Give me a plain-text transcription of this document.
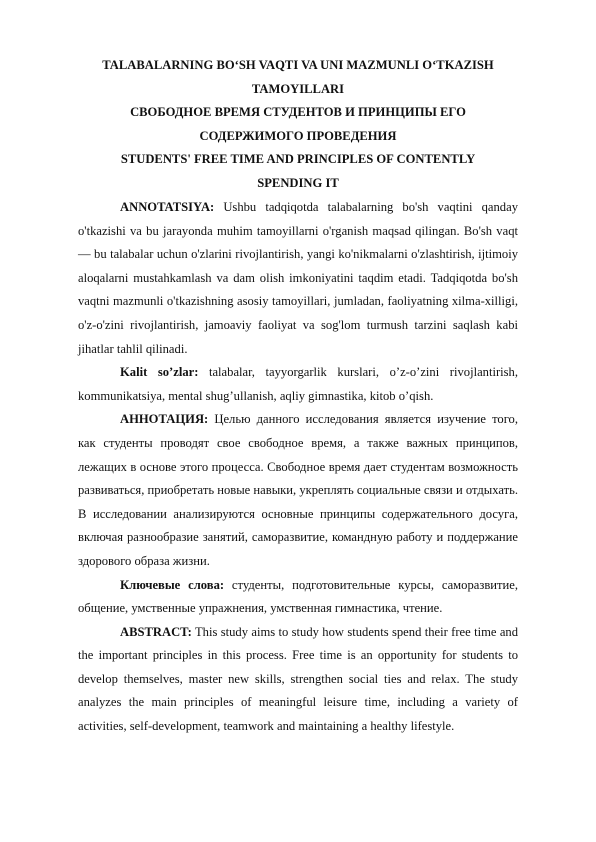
TALABALARNING BO‘SH VAQTI VA UNI MAZMUNLI O‘TKAZISH
TAMOYILLARI
СВОБОДНОЕ ВРЕМЯ СТУДЕНТОВ И ПРИНЦИПЫ ЕГО
СОДЕРЖИМОГО ПРОВЕДЕНИЯ
STUDENTS' FREE TIME AND PRINCIPLES OF CONTENTLY
SPENDING IT

ANNOTATSIYA: Ushbu tadqiqotda talabalarning bo'sh vaqtini qanday o'tkazishi va bu jarayonda muhim tamoyillarni o'rganish maqsad qilingan. Bo'sh vaqt — bu talabalar uchun o'zlarini rivojlantirish, yangi ko'nikmalarni o'zlashtirish, ijtimoiy aloqalarni mustahkamlash va dam olish imkoniyatini taqdim etadi. Tadqiqotda bo'sh vaqtni mazmunli o'tkazishning asosiy tamoyillari, jumladan, faoliyatning xilma-xilligi, o'z-o'zini rivojlantirish, jamoaviy faoliyat va sog'lom turmush tarzini saqlash kabi jihatlar tahlil qilinadi.

Kalit so’zlar: talabalar, tayyorgarlik kurslari, o’z-o’zini rivojlantirish, kommunikatsiya, mental shug’ullanish, aqliy gimnastika, kitob o’qish.

АННОТАЦИЯ: Целью данного исследования является изучение того, как студенты проводят свое свободное время, а также важных принципов, лежащих в основе этого процесса. Свободное время дает студентам возможность развиваться, приобретать новые навыки, укреплять социальные связи и отдыхать. В исследовании анализируются основные принципы содержательного досуга, включая разнообразие занятий, саморазвитие, командную работу и поддержание здорового образа жизни.

Ключевые слова: студенты, подготовительные курсы, саморазвитие, общение, умственные упражнения, умственная гимнастика, чтение.

ABSTRACT: This study aims to study how students spend their free time and the important principles in this process. Free time is an opportunity for students to develop themselves, master new skills, strengthen social ties and relax. The study analyzes the main principles of meaningful leisure time, including a variety of activities, self-development, teamwork and maintaining a healthy lifestyle.
